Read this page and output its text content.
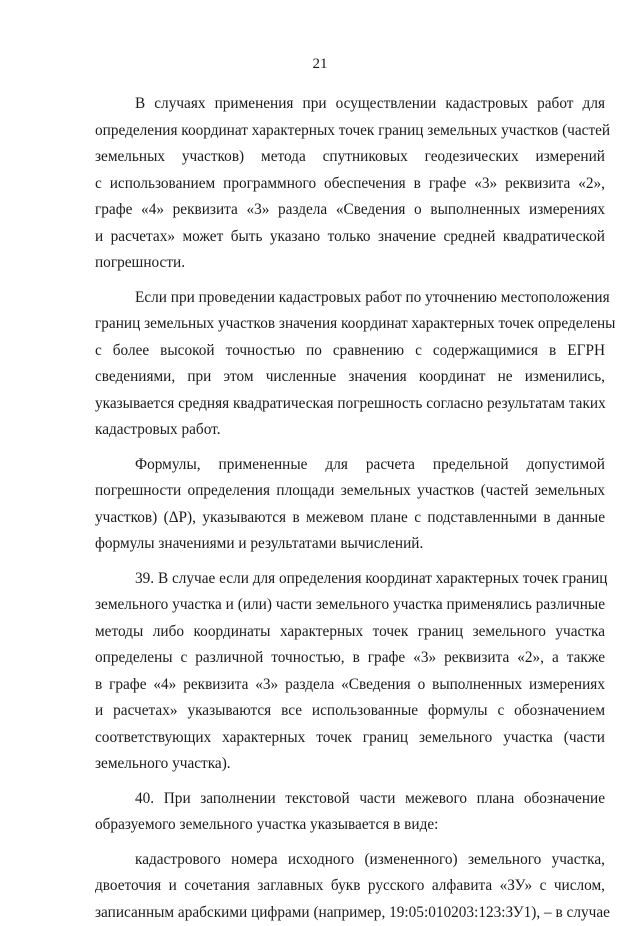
21
В случаях применения при осуществлении кадастровых работ для
определения координат характерных точек границ земельных участков (частей
земельных участков) метода спутниковых геодезических измерений
с использованием программного обеспечения в графе «3» реквизита «2»,
графе «4» реквизита «3» раздела «Сведения о выполненных измерениях
и расчетах» может быть указано только значение средней квадратической
погрешности.
Если при проведении кадастровых работ по уточнению местоположения
границ земельных участков значения координат характерных точек определены
с более высокой точностью по сравнению с содержащимися в ЕГРН
сведениями, при этом численные значения координат не изменились,
указывается средняя квадратическая погрешность согласно результатам таких
кадастровых работ.
Формулы, примененные для расчета предельной допустимой
погрешности определения площади земельных участков (частей земельных
участков) (ΔР), указываются в межевом плане с подставленными в данные
формулы значениями и результатами вычислений.
39. В случае если для определения координат характерных точек границ
земельного участка и (или) части земельного участка применялись различные
методы либо координаты характерных точек границ земельного участка
определены с различной точностью, в графе «3» реквизита «2», а также
в графе «4» реквизита «3» раздела «Сведения о выполненных измерениях
и расчетах» указываются все использованные формулы с обозначением
соответствующих характерных точек границ земельного участка (части
земельного участка).
40. При заполнении текстовой части межевого плана обозначение
образуемого земельного участка указывается в виде:
кадастрового номера исходного (измененного) земельного участка,
двоеточия и сочетания заглавных букв русского алфавита «ЗУ» с числом,
записанным арабскими цифрами (например, 19:05:010203:123:ЗУ1), – в случае
